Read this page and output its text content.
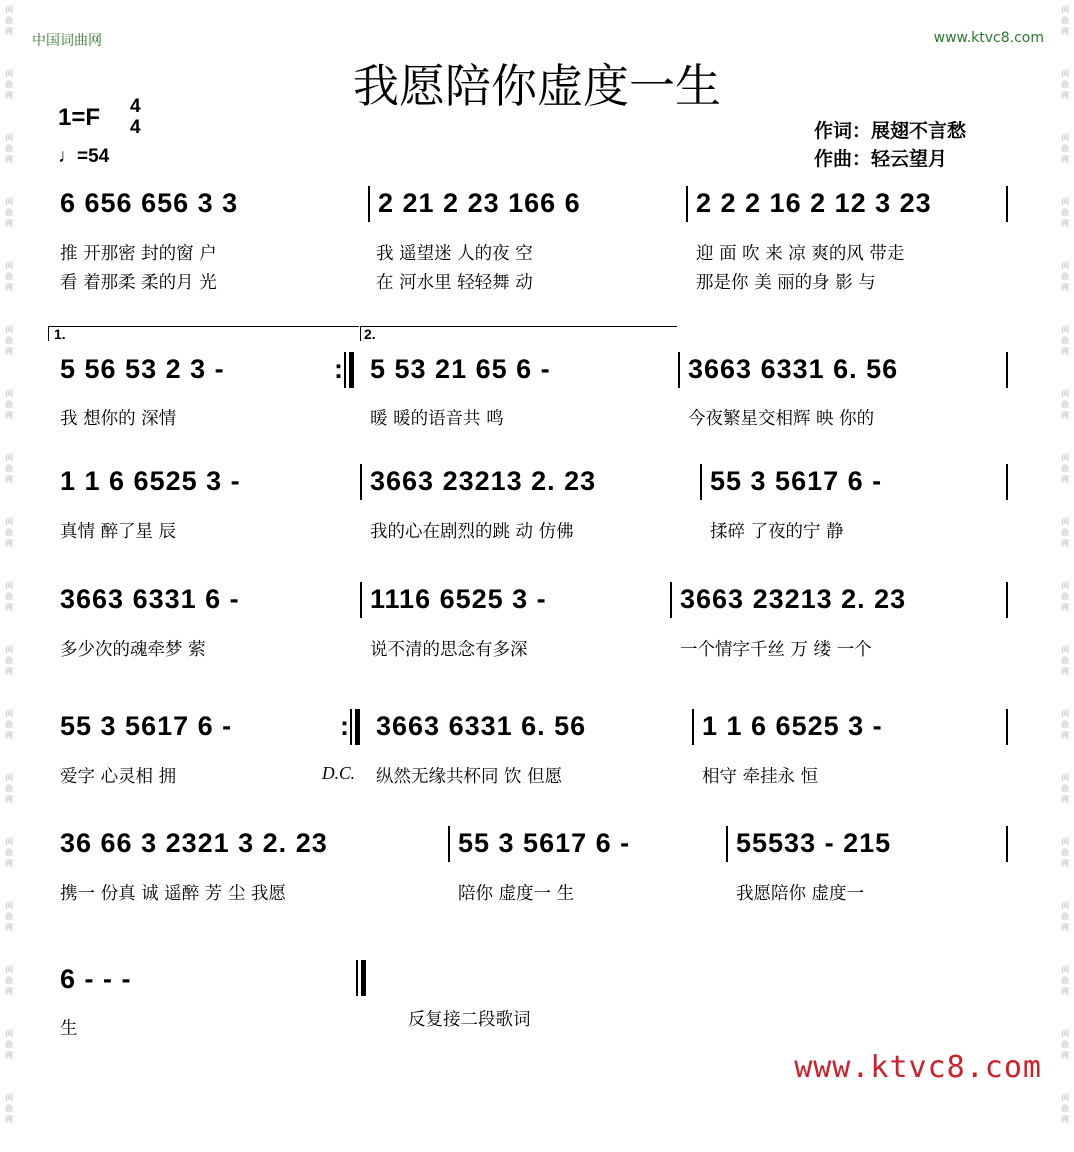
词
曲
网
词
曲
网
词
曲
网
词
曲
网
词
曲
网
词
曲
网
词
曲
网
词
曲
网
词
曲
网
词
曲
网
词
曲
网
词
曲
网
词
曲
网
词
曲
网
词
曲
网
词
曲
网
词
曲
网
词
曲
网
词
曲
网
词
曲
网
词
曲
网
词
曲
网
词
曲
网
词
曲
网
词
曲
网
词
曲
网
词
曲
网
词
曲
网
词
曲
网
词
曲
网
词
曲
网
词
曲
网
词
曲
网
词
曲
网
词
曲
网
词
曲
网
中国词曲网	www.ktvc8.com
我愿陪你虚度一生
1=F 4
4
♩=54
作词：展翅不言愁
作曲：轻云望月
6 656 656 3 3	2 21 2 23 166 6	2 2 2 16 2 12 3 23
推 开那密 封的窗 户	我 遥望迷 人的夜 空	迎 面 吹 来 凉 爽的风 带走
看 着那柔 柔的月 光	在 河水里 轻轻舞 动	那是你 美 丽的身 影 与
1.	2.
5 56 53 2 3 -	: 5 53 21 65 6 -	3663 6331 6. 56
我 想你的 深情	暖 暖的语音共 鸣	今夜繁星交相辉 映 你的
1 1 6 6525 3 -	3663 23213 2. 23	55 3 5617 6 -
真情 醉了星 辰	我的心在剧烈的跳 动 仿佛	揉碎 了夜的宁 静
3663 6331 6 -	1116 6525 3 -	3663 23213 2. 23
多少次的魂牵梦 萦	说不清的思念有多深	一个情字千丝 万 缕 一个
55 3 5617 6 -	: 3663 6331 6. 56	1 1 6 6525 3 -
爱字 心灵相 拥	D.C. 纵然无缘共杯同 饮 但愿	相守 牵挂永 恒
36 66 3 2321 3 2. 23	55 3 5617 6 -	55533 - 215
携一 份真 诚 遥醉 芳 尘 我愿	陪你 虚度一 生	我愿陪你 虚度一
6 - - -
生	反复接二段歌词
www.ktvc8.com
